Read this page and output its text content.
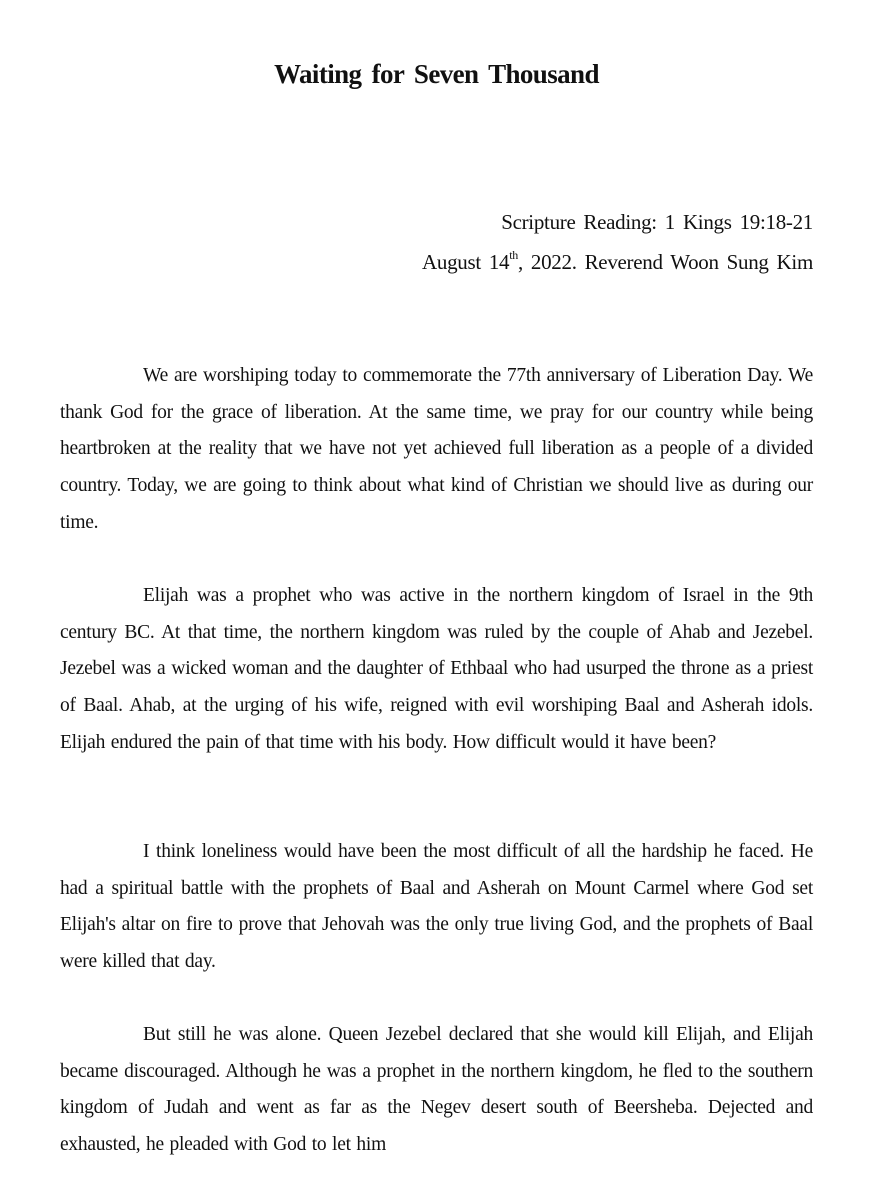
Waiting for Seven Thousand

Scripture Reading: 1 Kings 19:18-21

August 14th, 2022. Reverend Woon Sung Kim

We are worshiping today to commemorate the 77th anniversary of Liberation Day. We thank God for the grace of liberation. At the same time, we pray for our country while being heartbroken at the reality that we have not yet achieved full liberation as a people of a divided country. Today, we are going to think about what kind of Christian we should live as during our time.

Elijah was a prophet who was active in the northern kingdom of Israel in the 9th century BC. At that time, the northern kingdom was ruled by the couple of Ahab and Jezebel. Jezebel was a wicked woman and the daughter of Ethbaal who had usurped the throne as a priest of Baal. Ahab, at the urging of his wife, reigned with evil worshiping Baal and Asherah idols. Elijah endured the pain of that time with his body. How difficult would it have been?

I think loneliness would have been the most difficult of all the hardship he faced. He had a spiritual battle with the prophets of Baal and Asherah on Mount Carmel where God set Elijah's altar on fire to prove that Jehovah was the only true living God, and the prophets of Baal were killed that day.

But still he was alone. Queen Jezebel declared that she would kill Elijah, and Elijah became discouraged. Although he was a prophet in the northern kingdom, he fled to the southern kingdom of Judah and went as far as the Negev desert south of Beersheba. Dejected and exhausted, he pleaded with God to let him
